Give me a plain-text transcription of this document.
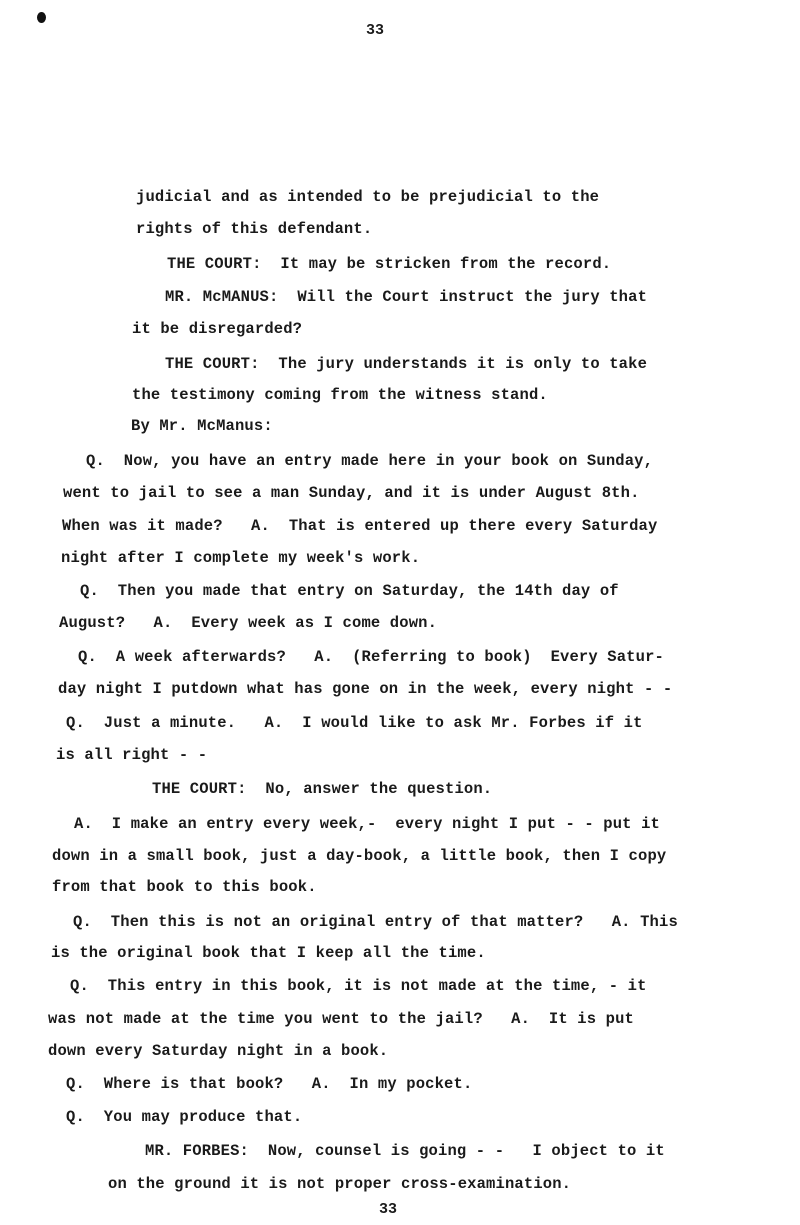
33
judicial and as intended to be prejudicial to the
rights of this defendant.
THE COURT:  It may be stricken from the record.
MR. McMANUS:  Will the Court instruct the jury that
it be disregarded?
THE COURT:  The jury understands it is only to take
the testimony coming from the witness stand.
By Mr. McManus:
Q.  Now, you have an entry made here in your book on Sunday,
went to jail to see a man Sunday, and it is under August 8th.
When was it made?   A.  That is entered up there every Saturday
night after I complete my week's work.
Q.  Then you made that entry on Saturday, the 14th day of
August?   A.  Every week as I come down.
Q.  A week afterwards?   A.  (Referring to book)  Every Satur-
day night I putdown what has gone on in the week, every night - -
Q.  Just a minute.   A.  I would like to ask Mr. Forbes if it
is all right - -
THE COURT:  No, answer the question.
A.  I make an entry every week,-  every night I put - - put it
down in a small book, just a day-book, a little book, then I copy
from that book to this book.
Q.  Then this is not an original entry of that matter?   A. This
is the original book that I keep all the time.
Q.  This entry in this book, it is not made at the time, - it
was not made at the time you went to the jail?   A.  It is put
down every Saturday night in a book.
Q.  Where is that book?   A.  In my pocket.
Q.  You may produce that.
MR. FORBES:  Now, counsel is going - -   I object to it
on the ground it is not proper cross-examination.
33
